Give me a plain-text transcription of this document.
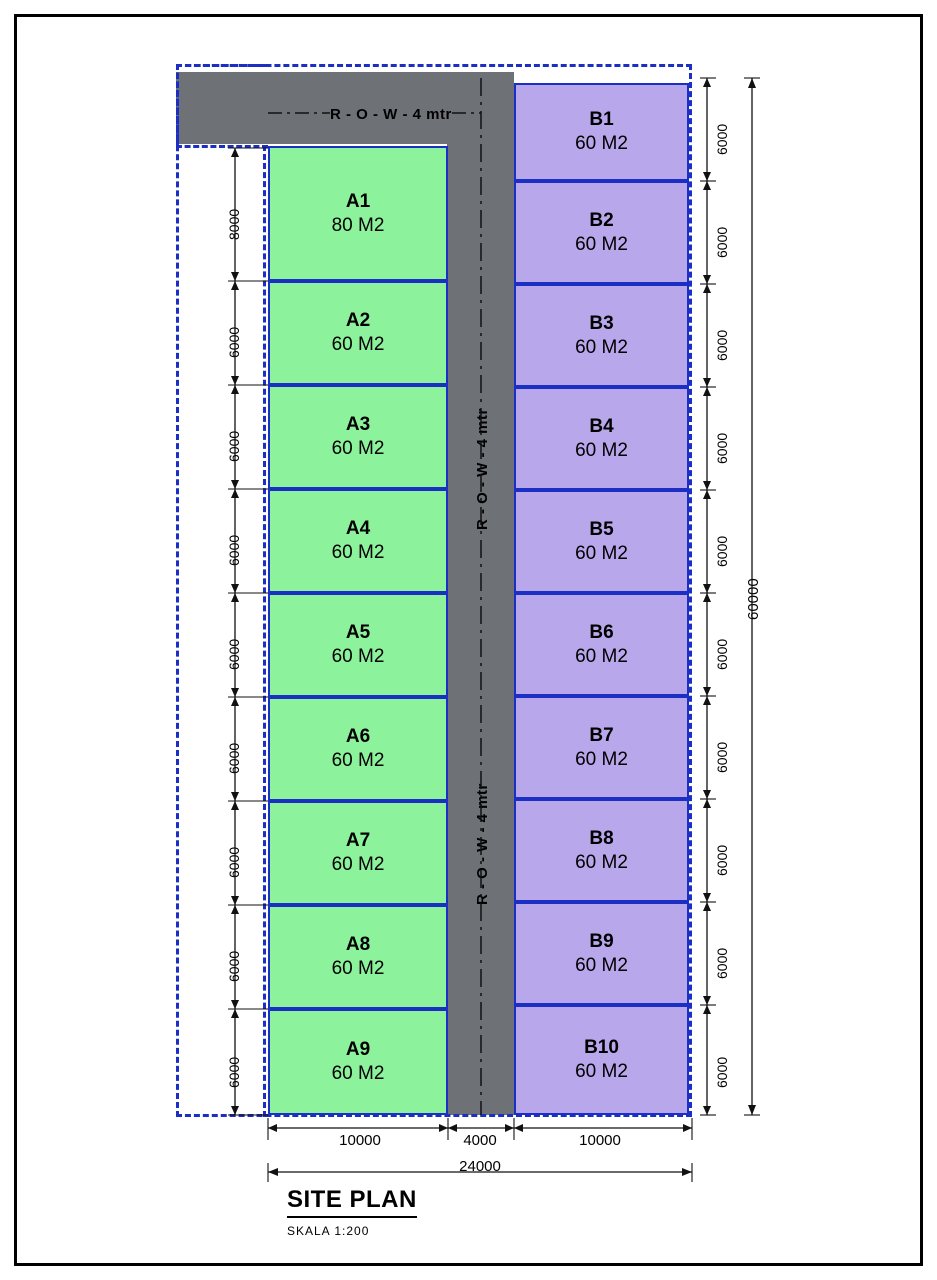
A1
80 M2
A2
60 M2
A3
60 M2
A4
60 M2
A5
60 M2
A6
60 M2
A7
60 M2
A8
60 M2
A9
60 M2
B1
60 M2
B2
60 M2
B3
60 M2
B4
60 M2
B5
60 M2
B6
60 M2
B7
60 M2
B8
60 M2
B9
60 M2
B10
60 M2
R - O - W - 4 mtr
R - O - W - 4 mtr
R - O - W - 4 mtr
8000
6000
6000
6000
6000
6000
6000
6000
6000
6000
6000
6000
6000
6000
6000
6000
6000
6000
6000
60000
10000	4000	10000
24000
SITE PLAN
SKALA 1:200
